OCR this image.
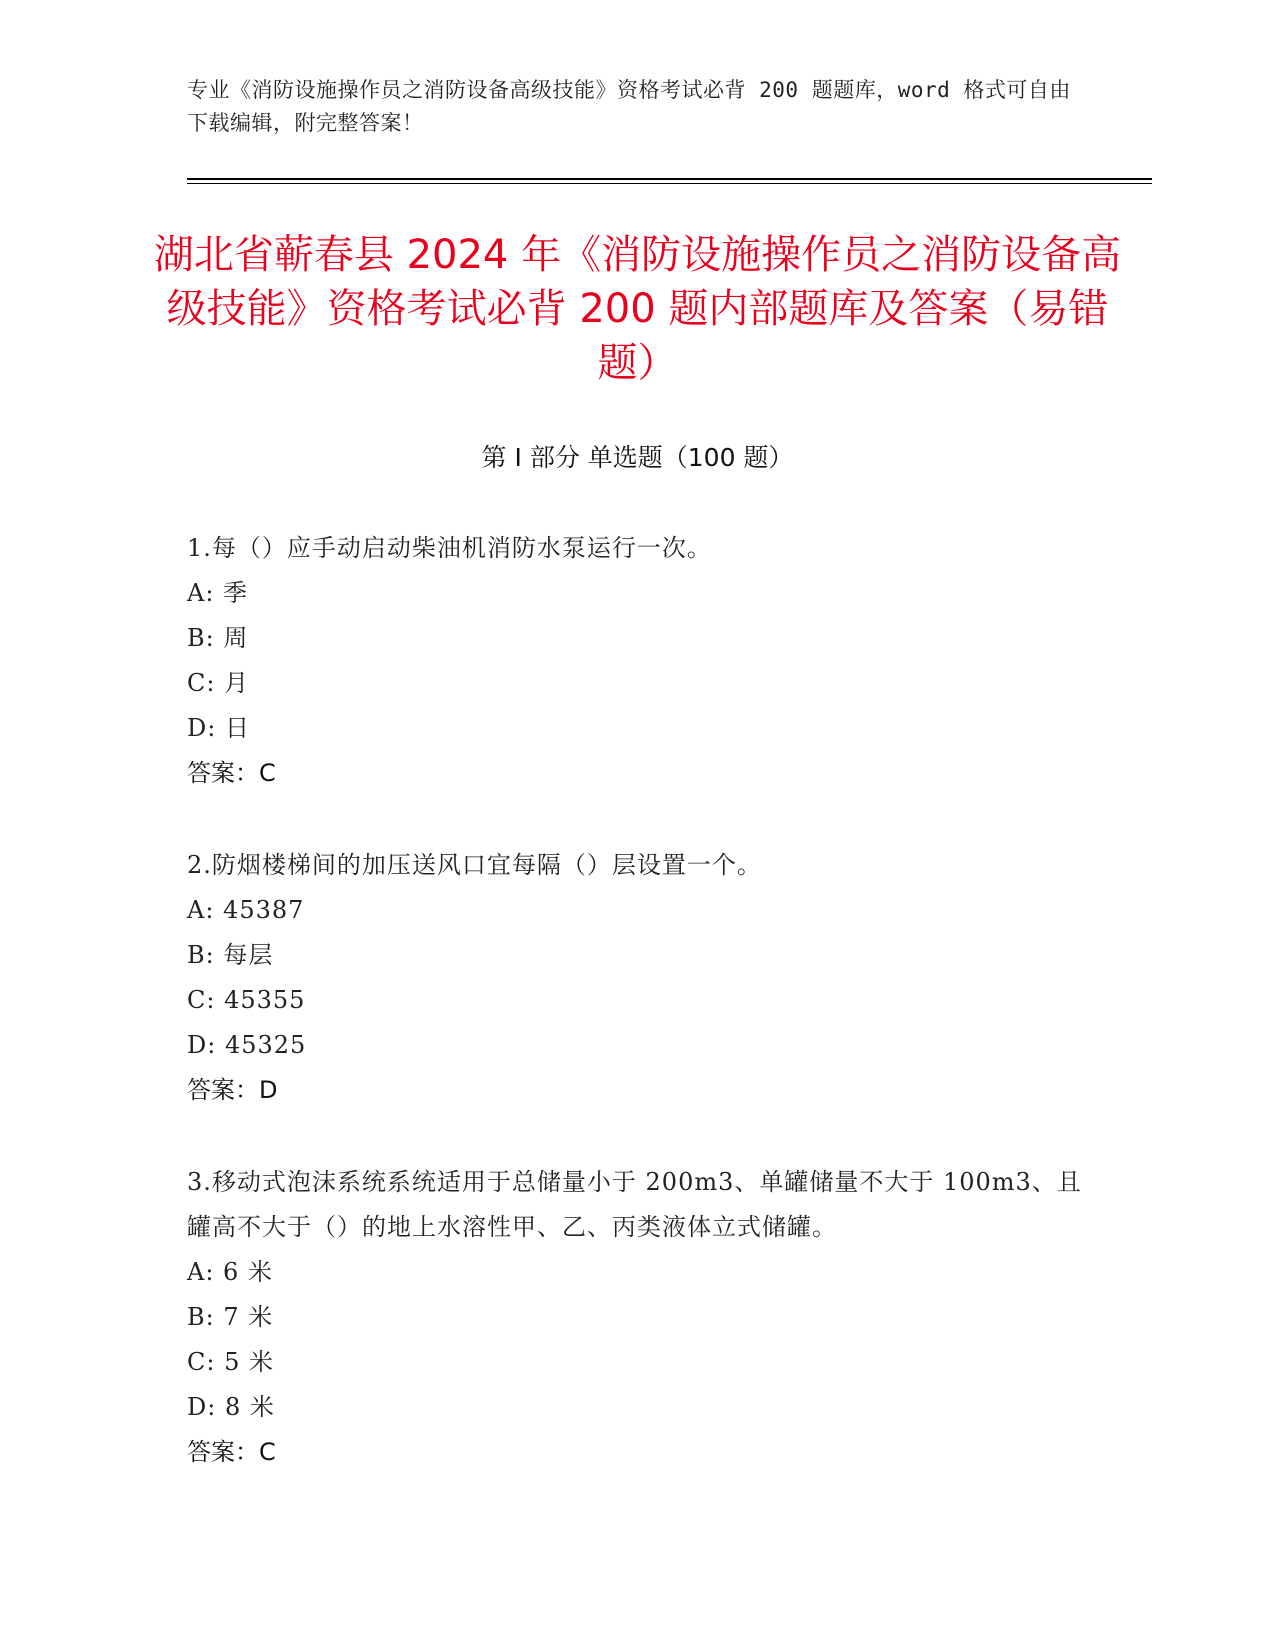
专业《消防设施操作员之消防设备高级技能》资格考试必背 200 题题库，word 格式可自由下载编辑，附完整答案！
湖北省蕲春县 2024 年《消防设施操作员之消防设备高级技能》资格考试必背 200 题内部题库及答案（易错题）
第 I 部分 单选题（100 题）
1.每（）应手动启动柴油机消防水泵运行一次。
A: 季
B: 周
C: 月
D: 日
答案：C
2.防烟楼梯间的加压送风口宜每隔（）层设置一个。
A: 45387
B: 每层
C: 45355
D: 45325
答案：D
3.移动式泡沫系统系统适用于总储量小于 200m3、单罐储量不大于 100m3、且罐高不大于（）的地上水溶性甲、乙、丙类液体立式储罐。
A: 6 米
B: 7 米
C: 5 米
D: 8 米
答案：C
